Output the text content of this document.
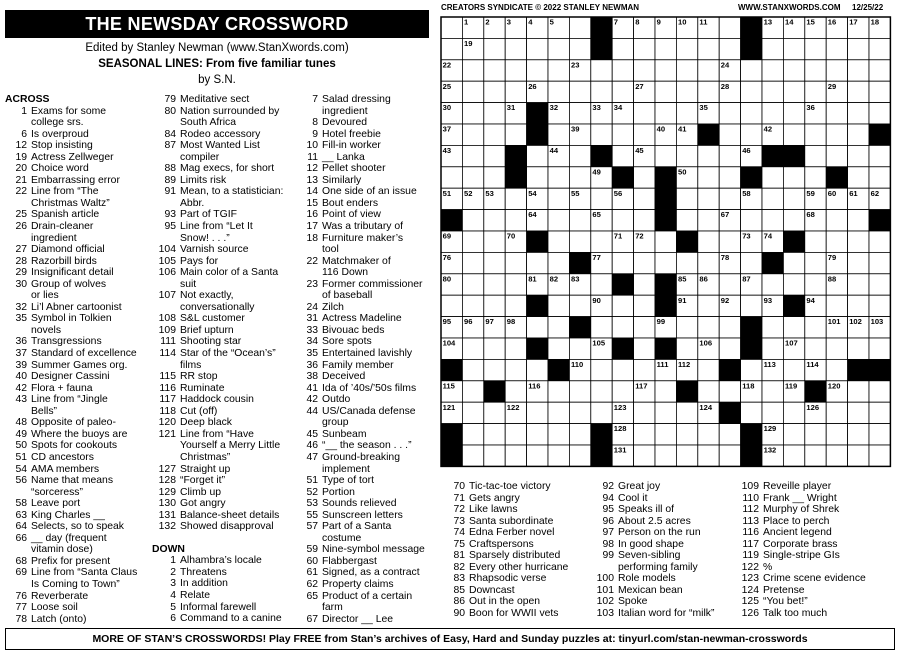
CREATORS SYNDICATE © 2022 STANLEY NEWMAN	WWW.STANXWORDS.COM 12/25/22
THE NEWSDAY CROSSWORD
Edited by Stanley Newman (www.StanXwords.com)
SEASONAL LINES: From five familiar tunes
by S.N.
1 2 3 4 5	6 7 8 9 10 11	12 13 14 15 16 17 18
19	20	21
22	23	24
25	26	27	28	29
30	31	32	33 34	35	36
37	38	39	40 41	42
43	44	45	46 47
48	49	50
51 52 53	54	55	56	57	58	59 60 61 62
63	64	65	66	67	68
69	70	71 72	73 74 75
76	77	78	79
80	81 82 83	84	85 86	87	88
89	90	91	92	93	94
95 96 97 98	99	100	101 102 103
104	105	106	107
108	109 110	111 112	113	114
115	116	117	118	119	120
121	122	123	124 125	126
127	128	129
130	131	132
ACROSS
1 Exams for some
college srs.
6 Is overproud
12 Stop insisting
19 Actress Zellweger
20 Choice word
21 Embarrassing error
22 Line from “The
Christmas Waltz”
25 Spanish article
26 Drain-cleaner
ingredient
27 Diamond official
28 Razorbill birds
29 Insignificant detail
30 Group of wolves
or lies
32 Li’l Abner cartoonist
35 Symbol in Tolkien
novels
36 Transgressions
37 Standard of excellence
39 Summer Games org.
40 Designer Cassini
42 Flora + fauna
43 Line from “Jingle
Bells”
48 Opposite of paleo-
49 Where the buoys are
50 Spots for cookouts
51 CD ancestors
54 AMA members
56 Name that means
“sorceress”
58 Leave port
63 King Charles __
64 Selects, so to speak
66 __ day (frequent
vitamin dose)
68 Prefix for present
69 Line from “Santa Claus
Is Coming to Town”
76 Reverberate
77 Loose soil
78 Latch (onto)
79 Meditative sect
80 Nation surrounded by
South Africa
84 Rodeo accessory
87 Most Wanted List
compiler
88 Mag execs, for short
89 Limits risk
91 Mean, to a statistician:
Abbr.
93 Part of TGIF
95 Line from “Let It
Snow! . . .”
104 Varnish source
105 Pays for
106 Main color of a Santa
suit
107 Not exactly,
conversationally
108 S&L customer
109 Brief upturn
111 Shooting star
114 Star of the “Ocean’s”
films
115 RR stop
116 Ruminate
117 Haddock cousin
118 Cut (off)
120 Deep black
121 Line from “Have
Yourself a Merry Little
Christmas”
127 Straight up
128 “Forget it”
129 Climb up
130 Got angry
131 Balance-sheet details
132 Showed disapproval
DOWN
1 Alhambra’s locale
2 Threatens
3 In addition
4 Relate
5 Informal farewell
6 Command to a canine
7 Salad dressing
ingredient
8 Devoured
9 Hotel freebie
10 Fill-in worker
11 __ Lanka
12 Pellet shooter
13 Similarly
14 One side of an issue
15 Bout enders
16 Point of view
17 Was a tributary of
18 Furniture maker’s
tool
22 Matchmaker of
116 Down
23 Former commissioner
of baseball
24 Zilch
31 Actress Madeline
33 Bivouac beds
34 Sore spots
35 Entertained lavishly
36 Family member
38 Deceived
41 Ida of ’40s/’50s films
42 Outdo
44 US/Canada defense
group
45 Sunbeam
46 “__ the season . . .”
47 Ground-breaking
implement
51 Type of tort
52 Portion
53 Sounds relieved
55 Sunscreen letters
57 Part of a Santa
costume
59 Nine-symbol message
60 Flabbergast
61 Signed, as a contract
62 Property claims
65 Product of a certain
farm
67 Director __ Lee
70 Tic-tac-toe victory
71 Gets angry
72 Like lawns
73 Santa subordinate
74 Edna Ferber novel
75 Craftspersons
81 Sparsely distributed
82 Every other hurricane
83 Rhapsodic verse
85 Downcast
86 Out in the open
90 Boon for WWII vets
92 Great joy
94 Cool it
95 Speaks ill of
96 About 2.5 acres
97 Person on the run
98 In good shape
99 Seven-sibling
performing family
100 Role models
101 Mexican bean
102 Spoke
103 Italian word for “milk”
109 Reveille player
110 Frank __ Wright
112 Murphy of Shrek
113 Place to perch
116 Ancient legend
117 Corporate brass
119 Single-stripe GIs
122 %
123 Crime scene evidence
124 Pretense
125 “You bet!”
126 Talk too much
MORE OF STAN’S CROSSWORDS! Play FREE from Stan’s archives of Easy, Hard and Sunday puzzles at: tinyurl.com/stan-newman-crosswords
